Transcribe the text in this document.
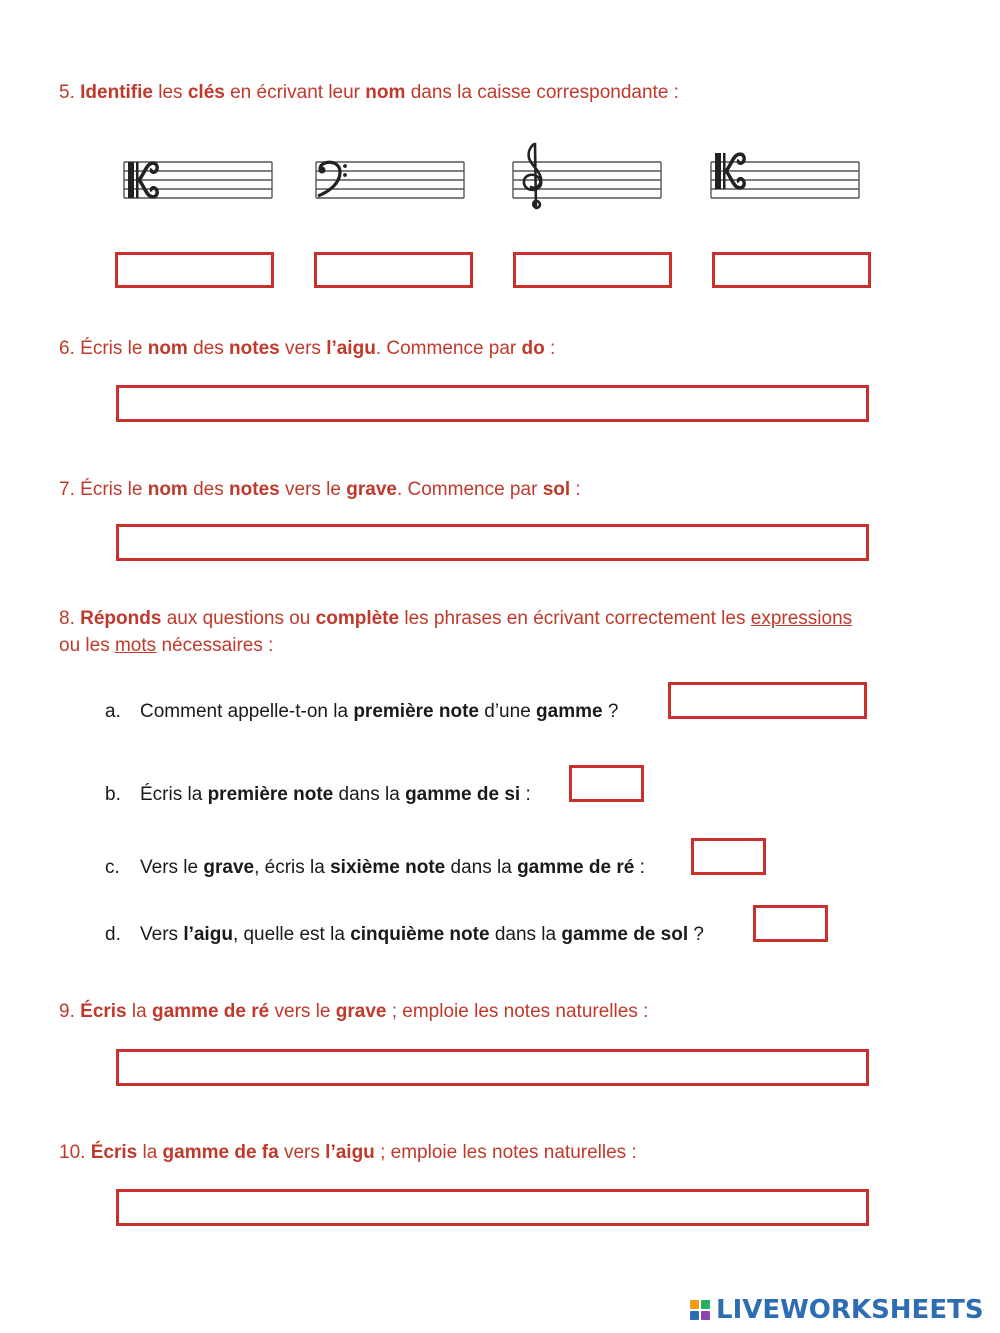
5. Identifie les clés en écrivant leur nom dans la caisse correspondante :

6. Écris le nom des notes vers l’aigu. Commence par do :

7. Écris le nom des notes vers le grave. Commence par sol :

8. Réponds aux questions ou complète les phrases en écrivant correctement les expressions
ou les mots nécessaires :

a. Comment appelle-t-on la première note d’une gamme ?
b. Écris la première note dans la gamme de si :
c. Vers le grave, écris la sixième note dans la gamme de ré :
d. Vers l’aigu, quelle est la cinquième note dans la gamme de sol ?

9. Écris la gamme de ré vers le grave ; emploie les notes naturelles :

10. Écris la gamme de fa vers l’aigu ; emploie les notes naturelles :

LIVEWORKSHEETS
